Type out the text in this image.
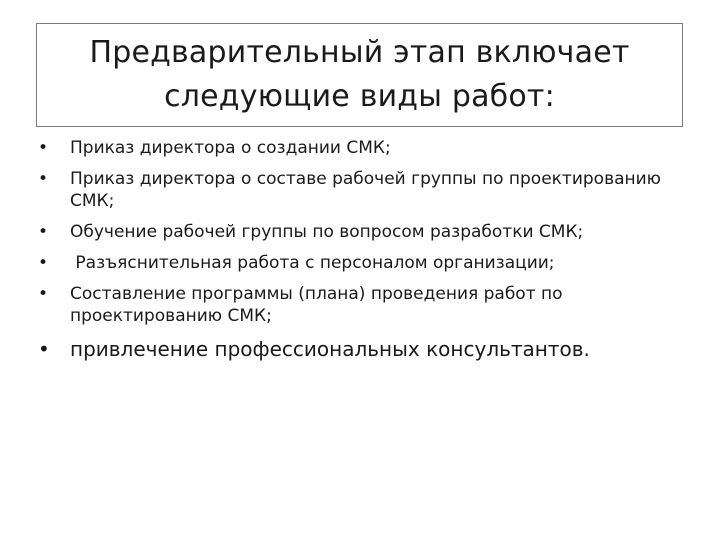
Предварительный этап включает следующие виды работ:
• Приказ директора о создании СМК;
• Приказ директора о составе рабочей группы по проектированию СМК;
• Обучение рабочей группы по вопросом разработки СМК;
• Разъяснительная работа с персоналом организации;
• Составление программы (плана) проведения работ по проектированию СМК;
• привлечение профессиональных консультантов.
